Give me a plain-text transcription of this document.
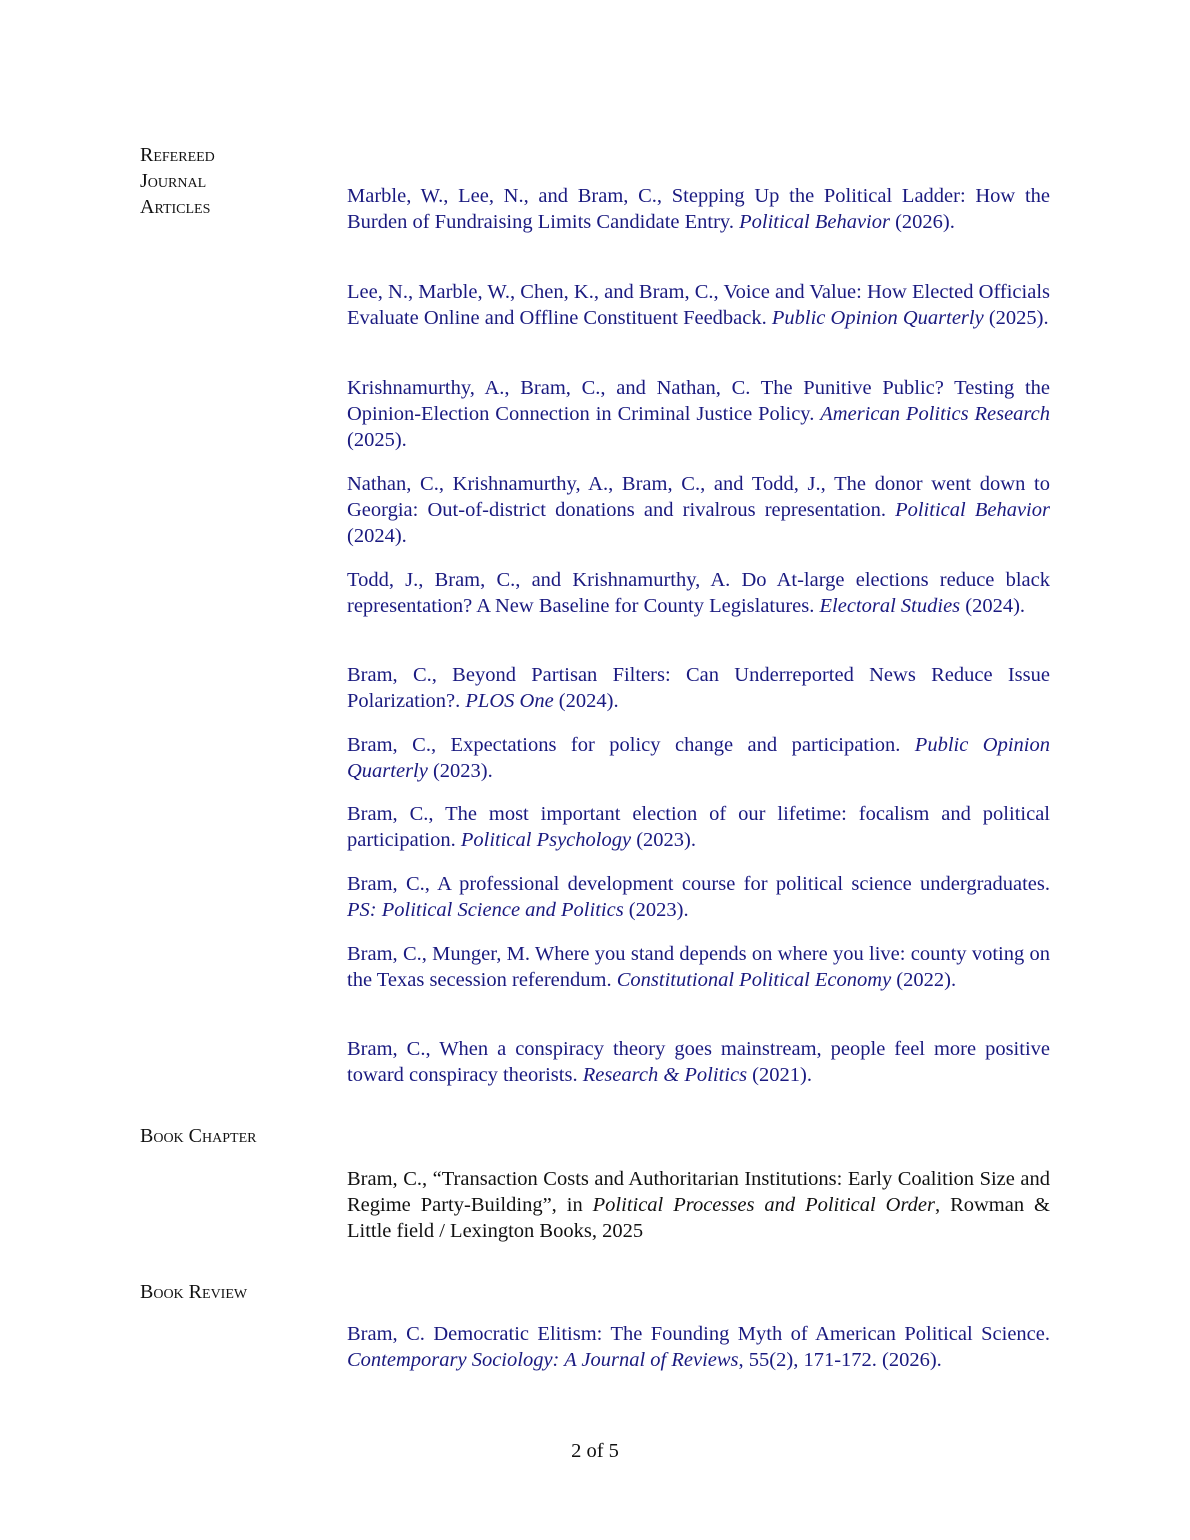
Refereed
Journal
Articles	Marble, W., Lee, N., and Bram, C., Stepping Up the Political Ladder: How the Burden of Fundraising Limits Candidate Entry. Political Behavior (2026).
Lee, N., Marble, W., Chen, K., and Bram, C., Voice and Value: How Elected Officials Evaluate Online and Offline Constituent Feedback. Public Opinion Quarterly (2025).
Krishnamurthy, A., Bram, C., and Nathan, C. The Punitive Public? Testing the Opinion-Election Connection in Criminal Justice Policy. American Politics Research (2025).
Nathan, C., Krishnamurthy, A., Bram, C., and Todd, J., The donor went down to Georgia: Out-of-district donations and rivalrous representation. Political Behavior (2024).
Todd, J., Bram, C., and Krishnamurthy, A. Do At-large elections reduce black representation? A New Baseline for County Legislatures. Electoral Studies (2024).
Bram, C., Beyond Partisan Filters: Can Underreported News Reduce Issue Polarization?. PLOS One (2024).
Bram, C., Expectations for policy change and participation. Public Opinion Quarterly (2023).
Bram, C., The most important election of our lifetime: focalism and political participation. Political Psychology (2023).
Bram, C., A professional development course for political science undergraduates. PS: Political Science and Politics (2023).
Bram, C., Munger, M. Where you stand depends on where you live: county voting on the Texas secession referendum. Constitutional Political Economy (2022).
Bram, C., When a conspiracy theory goes mainstream, people feel more positive toward conspiracy theorists. Research & Politics (2021).
Book Chapter
Bram, C., “Transaction Costs and Authoritarian Institutions: Early Coalition Size and Regime Party-Building”, in Political Processes and Political Order, Rowman & Little field / Lexington Books, 2025
Book Review
Bram, C. Democratic Elitism: The Founding Myth of American Political Science. Contemporary Sociology: A Journal of Reviews, 55(2), 171-172. (2026).
2 of 5
